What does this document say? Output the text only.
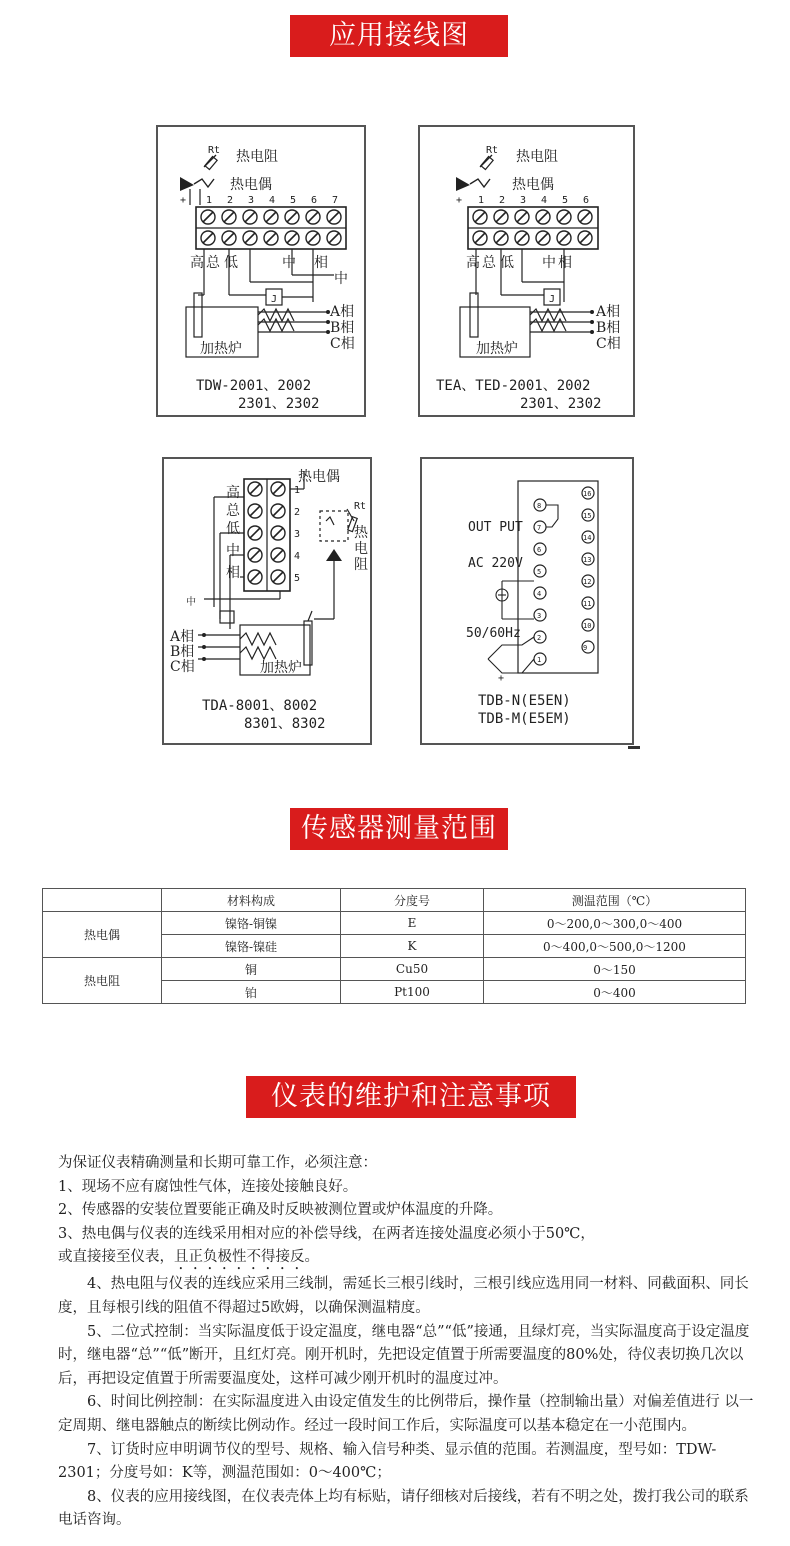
应用接线图
Rt 热电阻
热电偶
+ 1 2 3 4 5 6 7
高 总 低	中 相
中
A相
B相
C相
加热炉
J
TDW-2001、2002
2301、2302
Rt 热电阻
热电偶
+ 1 2 3 4 5 6
高 总 低 中 相
A相
B相
C相
加热炉
J
TEA、TED-2001、2002
2301、2302
热电偶
高
总
低
中
相
1
2
3
4
5
Rt
热
电
阻
中
A相
B相
C相	加热炉
TDA-8001、8002
8301、8302
8
7
6
5
4
3
2
1
16
15
14
13
12
11
10
9
+
OUT PUT
AC 220V
50/60Hz
TDB-N(E5EN)
TDB-M(E5EM)
传感器测量范围
	材料构成	分度号	测温范围（℃）
热电偶	镍铬-铜镍	E	0～200,0～300,0～400
	镍铬-镍硅	K	0～400,0～500,0～1200
热电阻	铜	Cu50	0～150
	铂	Pt100	0～400
仪表的维护和注意事项

为保证仪表精确测量和长期可靠工作，必须注意：

1、现场不应有腐蚀性气体，连接处接触良好。

2、传感器的安装位置要能正确及时反映被测位置或炉体温度的升降。

3、热电偶与仪表的连线采用相对应的补偿导线，在两者连接处温度必须小于50℃，

或直接接至仪表，且正负极性不得接反。

4、热电阻与仪表的连线应采用三线制，需延长三根引线时，三根引线应选用同一材料、同截面积、同长度，且每根引线的阻值不得超过5欧姆，以确保测温精度。

5、二位式控制：当实际温度低于设定温度，继电器“总”“低”接通，且绿灯亮，当实际温度高于设定温度时，继电器“总”“低”断开，且红灯亮。刚开机时，先把设定值置于所需要温度的80%处，待仪表切换几次以后，再把设定值置于所需要温度处，这样可减少刚开机时的温度过冲。

6、时间比例控制：在实际温度进入由设定值发生的比例带后，操作量（控制输出量）对偏差值进行 以一定周期、继电器触点的断续比例动作。经过一段时间工作后，实际温度可以基本稳定在一小范围内。

7、订货时应申明调节仪的型号、规格、输入信号种类、显示值的范围。若测温度，型号如：TDW-2301；分度号如：K等，测温范围如：0～400℃；

8、仪表的应用接线图，在仪表壳体上均有标贴，请仔细核对后接线，若有不明之处，拨打我公司的联系电话咨询。
